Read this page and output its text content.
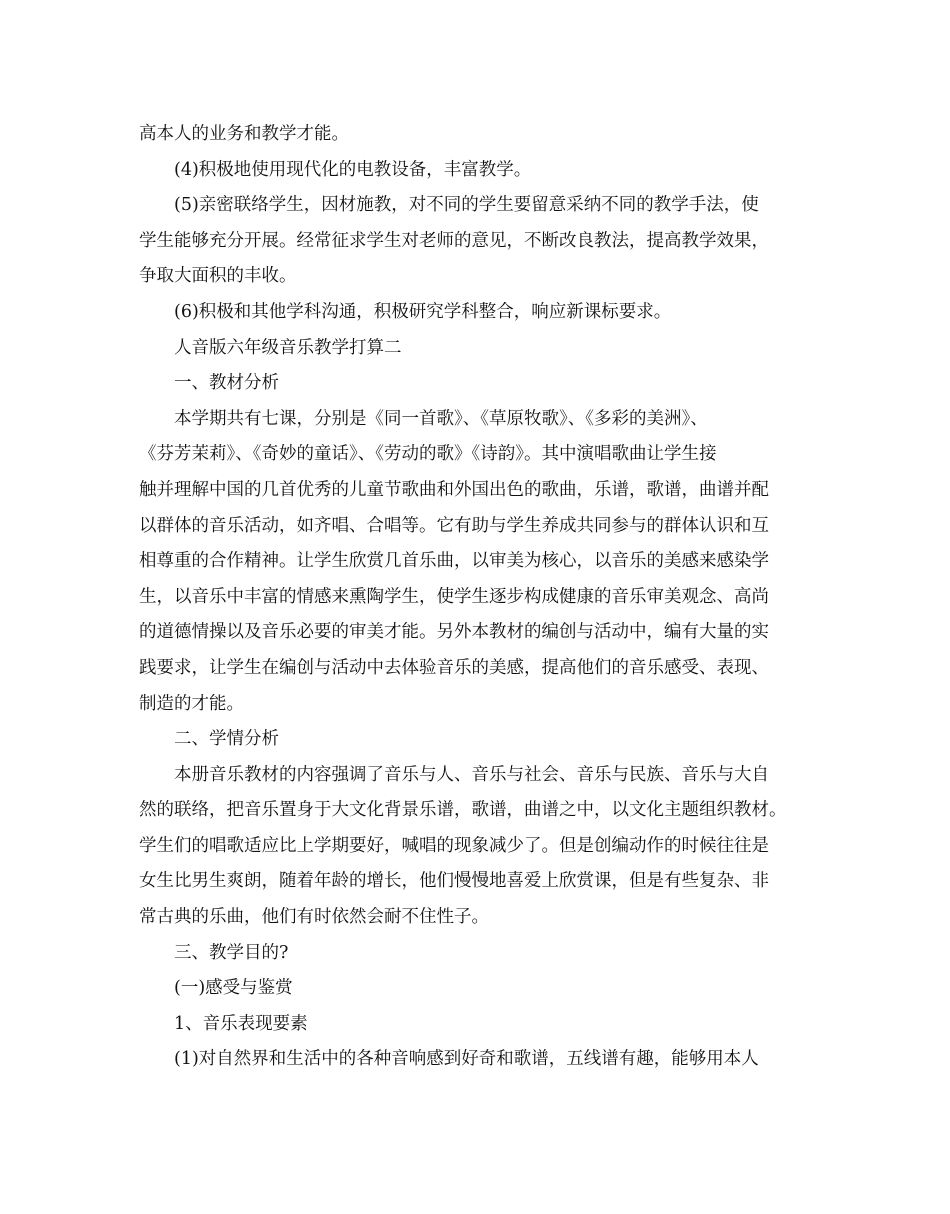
高本人的业务和教学才能。
(4)积极地使用现代化的电教设备，丰富教学。
(5)亲密联络学生，因材施教，对不同的学生要留意采纳不同的教学手法，使
学生能够充分开展。经常征求学生对老师的意见，不断改良教法，提高教学效果，
争取大面积的丰收。
(6)积极和其他学科沟通，积极研究学科整合，响应新课标要求。
人音版六年级音乐教学打算二
一、教材分析
本学期共有七课，分别是《同一首歌》、《草原牧歌》、《多彩的美洲》、
《芬芳茉莉》、《奇妙的童话》、《劳动的歌》《诗韵》。其中演唱歌曲让学生接
触并理解中国的几首优秀的儿童节歌曲和外国出色的歌曲，乐谱，歌谱，曲谱并配
以群体的音乐活动，如齐唱、合唱等。它有助与学生养成共同参与的群体认识和互
相尊重的合作精神。让学生欣赏几首乐曲，以审美为核心，以音乐的美感来感染学
生，以音乐中丰富的情感来熏陶学生，使学生逐步构成健康的音乐审美观念、高尚
的道德情操以及音乐必要的审美才能。另外本教材的编创与活动中，编有大量的实
践要求，让学生在编创与活动中去体验音乐的美感，提高他们的音乐感受、表现、
制造的才能。
二、学情分析
本册音乐教材的内容强调了音乐与人、音乐与社会、音乐与民族、音乐与大自
然的联络，把音乐置身于大文化背景乐谱，歌谱，曲谱之中，以文化主题组织教材。
学生们的唱歌适应比上学期要好，喊唱的现象减少了。但是创编动作的时候往往是
女生比男生爽朗，随着年龄的增长，他们慢慢地喜爱上欣赏课，但是有些复杂、非
常古典的乐曲，他们有时依然会耐不住性子。
三、教学目的?
(一)感受与鉴赏
1、音乐表现要素
(1)对自然界和生活中的各种音响感到好奇和歌谱，五线谱有趣，能够用本人
